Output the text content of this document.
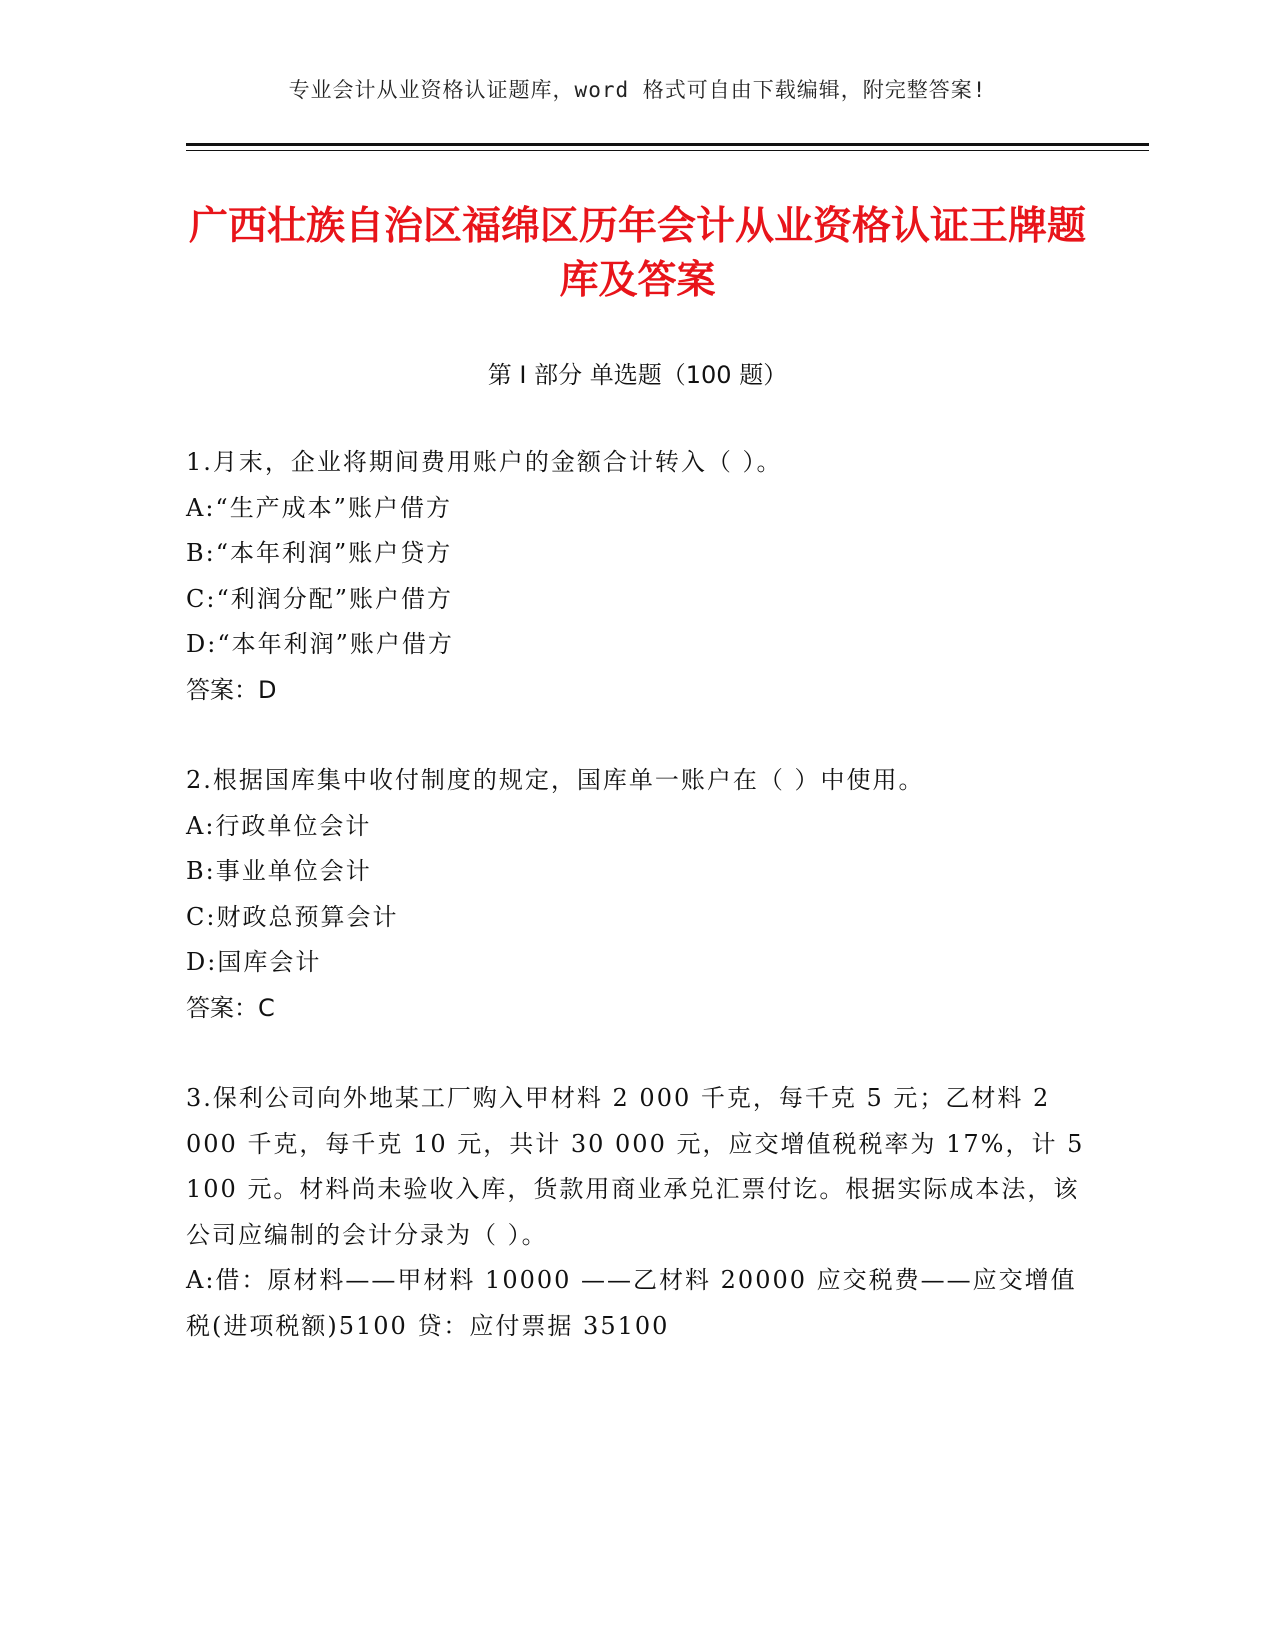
专业会计从业资格认证题库，word 格式可自由下载编辑，附完整答案!
广西壮族自治区福绵区历年会计从业资格认证王牌题库及答案
第 I 部分 单选题（100 题）
1.月末，企业将期间费用账户的金额合计转入（ ）。
A:“生产成本”账户借方
B:“本年利润”账户贷方
C:“利润分配”账户借方
D:“本年利润”账户借方
答案：D
2.根据国库集中收付制度的规定，国库单一账户在（ ）中使用。
A:行政单位会计
B:事业单位会计
C:财政总预算会计
D:国库会计
答案：C
3.保利公司向外地某工厂购入甲材料 2 000 千克，每千克 5 元；乙材料 2 000 千克，每千克 10 元，共计 30 000 元，应交增值税税率为 17%，计 5 100 元。材料尚未验收入库，货款用商业承兑汇票付讫。根据实际成本法，该公司应编制的会计分录为（ ）。
A:借：原材料——甲材料 10000 ——乙材料 20000 应交税费——应交增值税(进项税额)5100 贷：应付票据 35100
